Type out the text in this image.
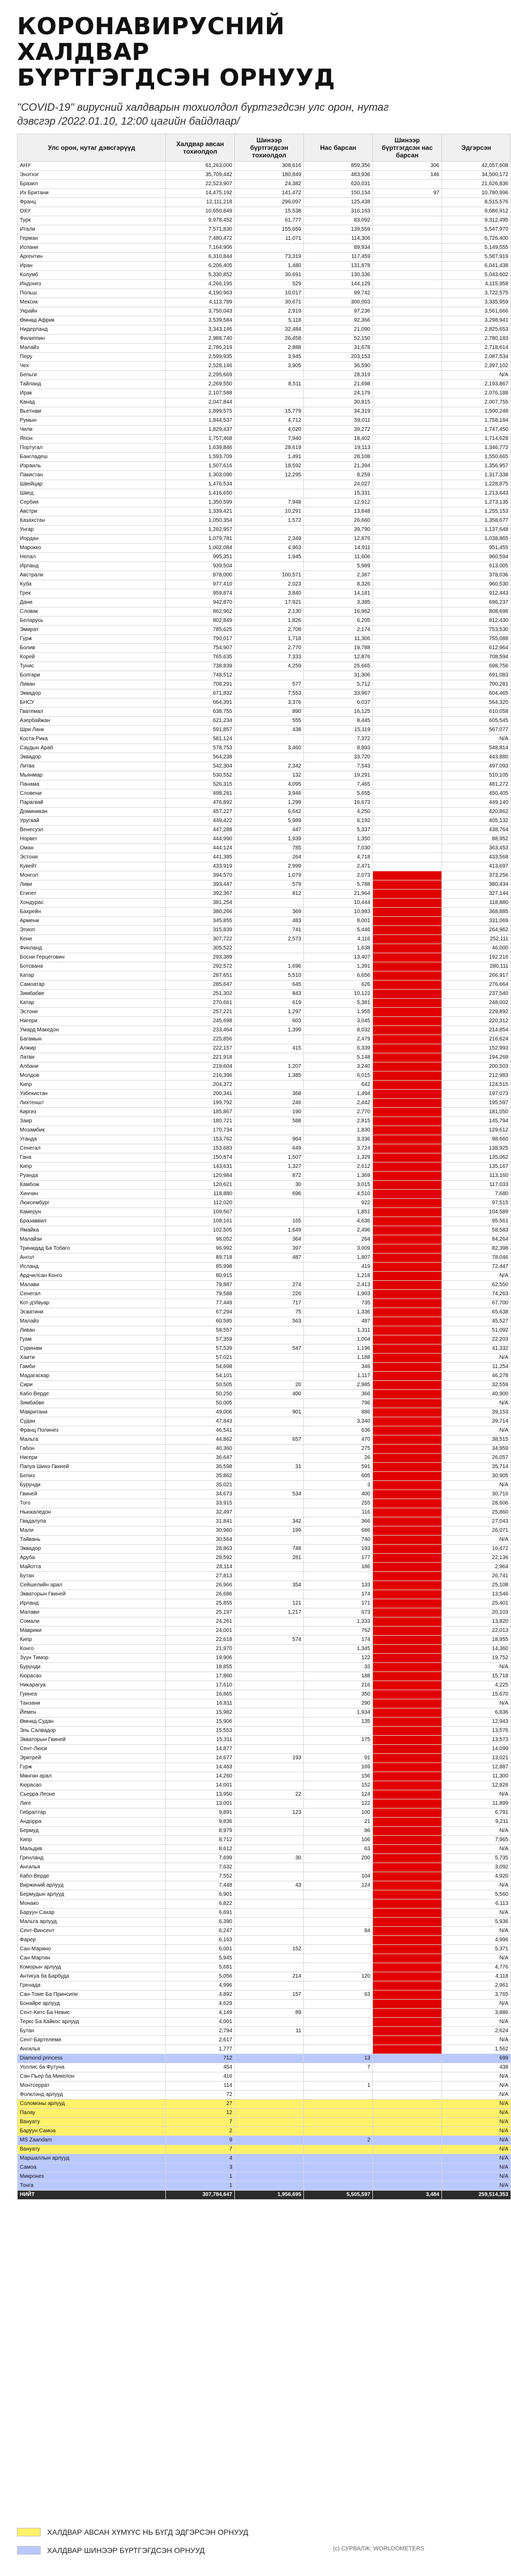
КОРОНАВИРУСНИЙ ХАЛДВАР
БҮРТГЭГДСЭН ОРНУУД
"COVID-19" вирусний халдварын тохиолдол бүртгэгдсэн улс орон, нутаг дэвсгэр /2022.01.10, 12:00 цагийн байдлаар/
Улс орон, нутаг дэвсгэрүүд	Халдвар авсан тохиолдол	Шинээр бүртгэгдсэн тохиолдол	Нас барсан	Шинээр бүртгэгдсэн нас барсан	Эдгэрсэн
АНУ	61,263,000	308,616	859,356	306	42,057,608
Энэтхэг	35,709,442	180,849	483,936	146	34,500,172
Бразил	22,523,907	24,382	620,031		21,626,836
Их Британи	14,475,192	141,472	150,154	97	10,780,996
Франц	12,111,218	296,097	125,438		8,515,576
ОХУ	10,650,849	15,538	316,163		9,686,912
Турк	9,978,452	61,777	83,092		9,312,495
Итали	7,571,830	155,659	139,559		5,547,970
Герман	7,480,472	11,071	114,306		6,726,400
Испани	7,164,906		89,934		5,149,555
Аргентин	6,310,844	73,319	117,459		5,587,919
Иран	6,206,405	1,480	131,878		6,041,438
Колумб	5,330,852	30,691	130,336		5,043,602
Индонез	4,266,195	529	144,129		4,115,958
Польш	4,190,963	10,017	99,742		3,722,575
Мексик	4,113,789	30,671	300,003		3,335,959
Украйн	3,750,043	2,919	97,236		3,561,666
Өмнөд Африк	3,539,584	5,118	92,366		3,298,941
Нидерланд	3,343,146	32,484	21,090		2,825,653
Филиппин	2,988,740	26,458	52,150		2,780,183
Малайз	2,786,219	2,888	31,678		2,718,614
Перу	2,599,935	3,945	203,153		2,087,534
Чех	2,528,146	3,905	36,590		2,397,102
Бельги	2,295,669		28,319		N/A
Тайланд	2,269,550	8,511	21,698		2,193,867
Ирак	2,107,588		24,179		2,076,188
Канад	2,047,844		30,815		2,007,755
Вьетнам	1,899,575	15,779	34,319		1,500,248
Румын	1,844,537	4,712	59,011		1,758,184
Чили	1,829,437	4,020	39,272		1,747,450
Япон	1,757,468	7,940	18,402		1,714,628
Португал	1,639,846	28,619	19,113		1,346,772
Бангладеш	1,593,709	1,491	28,108		1,550,665
Израиль	1,507,616	18,592	21,394		1,356,957
Пакистан	1,303,090	12,295	8,259		1,317,338
Швейцар	1,476,534		24,027		1,228,875
Швед	1,416,650		15,331		1,213,643
Сербия	1,350,599	7,948	12,912		1,273,135
Австри	1,339,421	10,291	13,848		1,255,153
Казахстан	1,050,354	1,572	26,660		1,358,677
Унгар	1,282,957		39,790		1,137,648
Иордан	1,079,781	2,349	12,876		1,038,865
Мароккo	1,002,084	4,963	14,911		951,455
Непал	995,351	1,945	11,606		960,594
Ирланд	939,504		5,989		613,005
Австрали	878,000	100,571	2,367		378,036
Куба	977,410	2,023	8,326		960,530
Грек	959,874	3,840	14,181		912,443
Дани	942,870	17,921	3,385		696,237
Словак	862,962	2,130	16,962		808,696
Беларусь	802,849	1,826	6,205		812,430
Эмират	785,625	2,708	2,174		753,530
Гүрж	790,017	1,718	11,306		755,088
Болив	754,907	2,770	19,788		612,964
Корей	765,635	7,333	12,876		708,594
Тунис	738,839	4,259	25,665		698,756
Болгари	748,512		31,306		691,083
Ливан	708,291	577	5,712		700,281
Эквадор	671,832	7,553	33,967		604,465
БНСУ	664,391	3,376	6,037		564,320
Гватемал	638,755	890	16,125		610,058
Азербайжан	621,234	555	8,445		605,545
Шри Ланк	591,857	438	15,119		567,077
Коста-Рика	581,124		7,372		N/A
Саудын Араб	578,753	3,460	8,893		548,814
Эквадор	564,238		33,720		443,880
Литва	542,304	2,342	7,543		497,093
Мьянмар	530,552	132	19,291		510,105
Панама	526,315	4,095	7,465		481,272
Словени	498,281	3,946	5,655		450,405
Парагвай	476,892	1,299	16,673		449,140
Доминикан	457,227	6,642	4,250		420,862
Уругвай	449,422	5,989	6,192		405,132
Венесуэл	447,288	447	5,337		438,764
Норвег	444,990	1,939	1,350		88,952
Оман	444,124	785	7,030		363,453
Эстони	441,385	264	4,718		433,568
Кувейт	433,919	2,999	2,471		413,697
Монгол	394,570	1,079	2,073		373,256
Ливи	393,447	579	5,788		380,434
Египет	392,367	812	21,964		327,144
Хондурас	381,254		10,444		118,880
Бахрейн	380,266	369	10,983		368,885
Армени	345,855	483	8,001		331,069
Этиоп	315,839	741	5,446		264,962
Кени	307,722	2,573	4,116		252,111
Финланд	305,522		1,638		46,000
Босни Герцеговин	293,389		13,407		192,216
Ботсвана	292,572	1,696	1,391		280,111
Катар	287,651	5,510	6,656		266,917
Самоатар	285,647	645	626		276,664
Зимбабве	251,302	843	10,122		237,540
Катар	270,661	619	5,381		248,002
Эстони	257,221	1,297	1,955		229,892
Нигери	245,698	603	3,045		220,312
Умард Македон	233,464	1,399	8,032		214,854
Багамын	225,856		2,479		216,624
Алжир	222,157	415	6,339		152,993
Латви	221,918		5,148		194,269
Албани	219,604	1,207	3,240		200,503
Молдов	216,396	1,385	6,015		212,983
Кипр	204,372		642		124,515
Узбекистан	200,341	368	1,494		197,073
Лихтеншт	199,792	246	2,442		195,597
Киргиз	185,867	190	2,770		181,050
Заир	180,721	588	2,815		145,794
Мозамбик	170,734		1,830		129,612
Уганда	153,762	964	3,336		98,660
Сенегал	153,683	649	3,724		138,925
Гана	150,874	1,507	1,329		135,062
Кипр	143,631	1,327	2,612		135,167
Руанда	120,984	872	1,369		113,160
Камбож	120,621	30	3,015		117,033
Хинчин	118,880	696	4,510		7,680
Люксембург	112,020		922		97,515
Камерун	109,567		1,851		104,589
Бразаввил	108,161	165	4,636		95,561
Ямайка	102,505	1,649	2,496		58,583
Малайзи	98,052	364	264		84,264
Тринидад Ба Тобаго	96,992	397	3,009		82,398
Ангол	89,718	487	1,807		78,046
Исланд	85,998		419		72,447
Ардчилсан Конго	80,915		1,218		N/A
Малави	79,887	274	2,413		62,550
Сенегал	79,588	226	1,903		74,263
Кот-д'Ивуар	77,449	717	735		67,700
Эсватини	67,294	75	1,336		65,638
Малайз	60,585	563	487		45,527
Ливан	58,557		1,311		51,092
Гуам	57,359		1,004		22,203
Суринам	57,539	547	1,196		41,332
Хаити	57,021		1,188		N/A
Гамби	54,698		346		11,254
Мадагаскар	54,101		1,117		46,278
Сири	50,505	20	2,985		32,559
Кабо Верде	50,250	400	366		40,900
Зимбабве	50,005		796		N/A
Мавритани	49,006	901	886		39,153
Судан	47,843		3,340		39,714
Франц Полинез	46,541		636		N/A
Мальта	44,862	657	470		38,515
Габон	40,360		275		34,959
Нигери	36,647		26		26,057
Папуа Шинэ Гвиней	36,598	31	591		35,714
Белиз	35,862		605		30,905
Бурунди	35,021		3		N/A
Гвиней	34,673	534	400		30,716
Того	33,915		255		28,606
Ньюкаледон	32,497		116		25,860
Гвадалупа	31,841	342	366		27,043
Мали	30,960	199	686		26,071
Тайвань	30,564		740		N/A
Эквадор	28,863	748	193		16,472
Аруба	28,592	281	177		22,136
Майотта	28,114		186		2,964
Бутан	27,813				26,741
Сейшелийн арал	26,966	354	133		25,108
Экваторын Гвиней	26,686		174		13,546
Ирланд	25,855	121	171		25,401
Малави	25,197	1,217	673		20,103
Сомали	24,261		1,333		13,820
Маврики	24,001		762		22,013
Кипр	22,618	574	174		18,955
Конго	21,970		1,345		14,360
Зүүн Тимор	19,906		122		19,752
Бурунди	18,855		33		N/A
Кюрасао	17,860		188		15,718
Никарагуа	17,610		216		4,225
Гуинеа	16,865		350		15,670
Танзани	16,811		290		N/A
Йемен	15,982		1,934		6,836
Өмнөд Судан	15,906		135		12,943
Эль Салвадор	15,553				13,576
Экваторын Гвиней	15,311		175		13,573
Сент-Люси	14,877				14,099
Эритрей	14,677	193	91		13,021
Гүрж	14,463		169		12,887
Мөнгөн арал	14,260		156		11,300
Кюрасао	14,001		152		12,826
Сьерра Леоне	13,950	22	124		N/A
Лиге	13,001		122		11,899
Гибралтар	9,891	123	100		6,791
Андорра	9,836		21		9,211
Бермуд	8,979		86		N/A
Кипр	8,712		106		7,965
Мальдив	8,612		63		N/A
Гренланд	7,699	30	200		5,735
Ангилья	7,632				3,092
Кабо-Верде	7,552		104		4,920
Виржиний арлууд	7,448	43	124		N/A
Бермудын арлууд	6,901				5,560
Монакo	6,822				6,113
Баруун Сахар	6,691				N/A
Мальта арлууд	6,390				5,936
Сент-Винсент	6,247		84		N/A
Фарер	6,163				4,996
Сан-Марино	6,001	152			5,371
Сан-Мартин	5,945				N/A
Коморын арлууд	5,681				4,776
Антигуа ба Барбуда	5,056	214	120		4,118
Гренада	4,996				2,961
Сан-Томе Ба Принсипи	4,892	157	63		3,765
Бонайре арлууд	4,629				N/A
Сент-Китс Ба Невис	4,149	89			3,886
Теркс Ба Кайкос арлууд	4,001				N/A
Бутан	2,794	11			2,624
Сент-Бартелеми	2,617				N/A
Ангилья	1,777				1,562
Diamond princess	712		13		699
Уоллис ба Футуна	454		7		438
Сан Пьер ба Микелон	416				N/A
Монтсеррат	114		1		N/A
Фолклэнд арлууд	72				N/A
Соломоны арлууд	27				N/A
Палау	12				N/A
Вануату	7				N/A
Баруун Самоа	2				N/A
MS Zaandam	9		2		N/A
Вануату	7				N/A
Маршаллын арлууд	4				N/A
Самоа	3				N/A
Микронез	1				N/A
Тонга	1				N/A
НИЙТ	307,784,647	1,956,695	5,505,597	3,484	259,514,353
ХАЛДВАР АВСАН ХҮМҮҮС НЬ БҮГД ЭДГЭРСЭН ОРНУУД
ХАЛДВАР ШИНЭЭР БҮРТГЭГДСЭН ОРНУУД	(c) СУРВАЛЖ: WORLDOMETERS
